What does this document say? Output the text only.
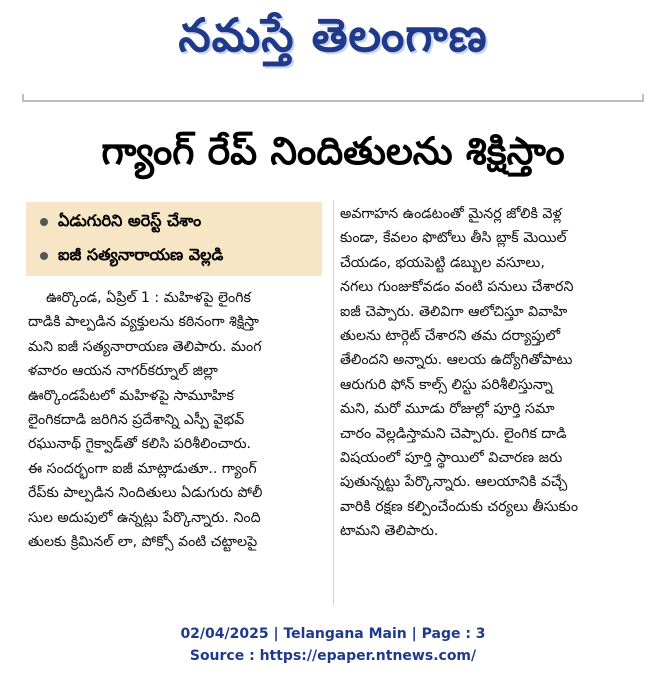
నమస్తే తెలంగాణ
గ్యాంగ్ రేప్ నిందితులను శిక్షిస్తాం
ఏడుగురిని అరెస్ట్ చేశాం
ఐజీ సత్యనారాయణ వెల్లడి
ఊర్కొండ, ఏప్రిల్ 1 : మహిళపై లైంగిక
దాడికి పాల్పడిన వ్యక్తులను కఠినంగా శిక్షిస్తా
మని ఐజీ సత్యనారాయణ తెలిపారు. మంగ
ళవారం ఆయన నాగర్‌కర్నూల్ జిల్లా
ఊర్కొండపేటలో మహిళపై సామూహిక
లైంగికదాడి జరిగిన ప్రదేశాన్ని ఎస్పీ వైభవ్
రఘునాథ్ గైక్వాడ్‌తో కలిసి పరిశీలించారు.
ఈ సందర్భంగా ఐజీ మాట్లాడుతూ.. గ్యాంగ్
రేప్‌కు పాల్పడిన నిందితులు ఏడుగురు పోలీ
సుల అదుపులో ఉన్నట్లు పేర్కొన్నారు. నింది
తులకు క్రిమినల్ లా, పోక్సో వంటి చట్టాలపై
అవగాహన ఉండటంతో మైనర్ల జోలికి వెళ్ల
కుండా, కేవలం ఫొటోలు తీసి బ్లాక్ మెయిల్
చేయడం, భయపెట్టి డబ్బుల వసూలు,
నగలు గుంజుకోవడం వంటి పనులు చేశారని
ఐజీ చెప్పారు. తెలివిగా ఆలోచిస్తూ వివాహి
తులను టార్గెట్ చేశారని తమ దర్యాప్తులో
తేలిందని అన్నారు. ఆలయ ఉద్యోగితోపాటు
ఆరుగురి ఫోన్ కాల్స్ లిస్టు పరిశీలిస్తున్నా
మని, మరో మూడు రోజుల్లో పూర్తి సమా
చారం వెల్లడిస్తామని చెప్పారు. లైంగిక దాడి
విషయంలో పూర్తి స్థాయిలో విచారణ జరు
పుతున్నట్టు పేర్కొన్నారు. ఆలయానికి వచ్చే
వారికి రక్షణ కల్పించేందుకు చర్యలు తీసుకుం
టామని తెలిపారు.
02/04/2025 | Telangana Main | Page : 3
Source : https://epaper.ntnews.com/
